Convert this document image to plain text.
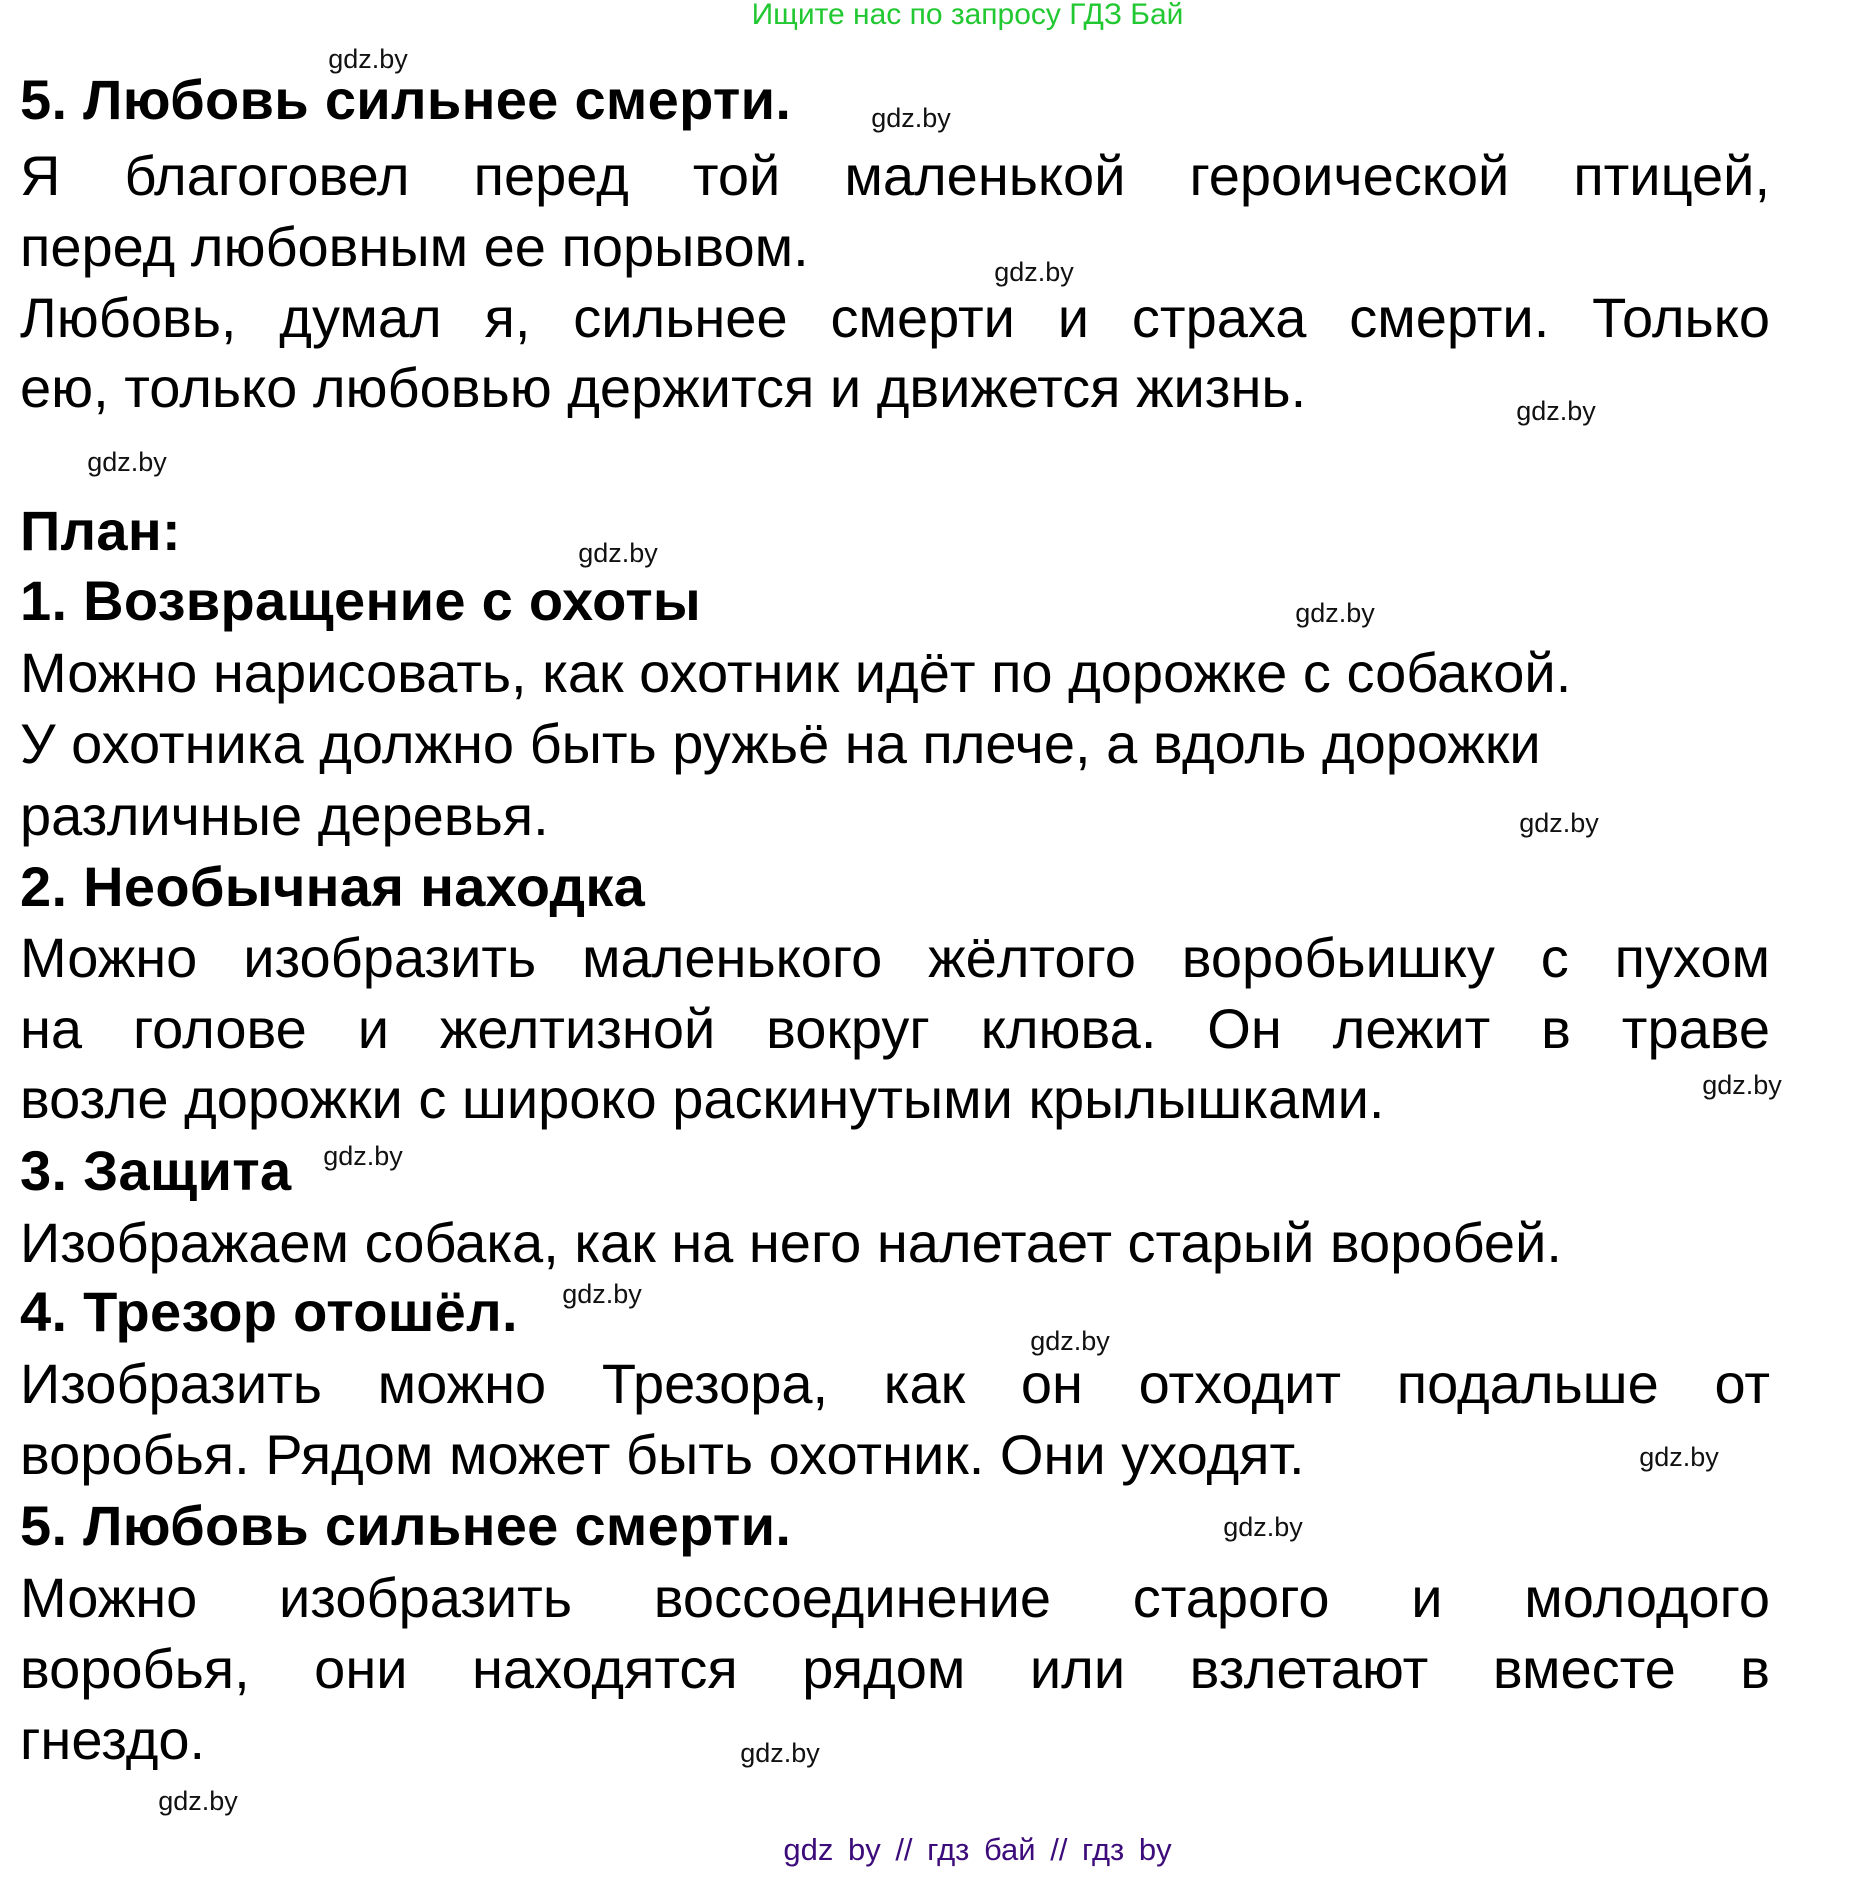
Ищите нас по запросу ГДЗ Бай
5. Любовь сильнее смерти.
Я благоговел перед той маленькой героической птицей,
перед любовным ее порывом.
Любовь, думал я, сильнее смерти и страха смерти. Только
ею, только любовью держится и движется жизнь.
План:
1. Возвращение с охоты
Можно нарисовать, как охотник идёт по дорожке с собакой.
У охотника должно быть ружьё на плече, а вдоль дорожки
различные деревья.
2. Необычная находка
Можно изобразить маленького жёлтого воробьишку с пухом
на голове и желтизной вокруг клюва. Он лежит в траве
возле дорожки с широко раскинутыми крылышками.
3. Защита
Изображаем собака, как на него налетает старый воробей.
4. Трезор отошёл.
Изобразить можно Трезора, как он отходит подальше от
воробья. Рядом может быть охотник. Они уходят.
5. Любовь сильнее смерти.
Можно изобразить воссоединение старого и молодого
воробья, они находятся рядом или взлетают вместе в
гнездо.
gdz.by
gdz.by
gdz.by
gdz.by
gdz.by
gdz.by
gdz.by
gdz.by
gdz.by
gdz.by
gdz.by
gdz.by
gdz.by
gdz.by
gdz.by
gdz.by
gdz by // гдз бай // гдз by
